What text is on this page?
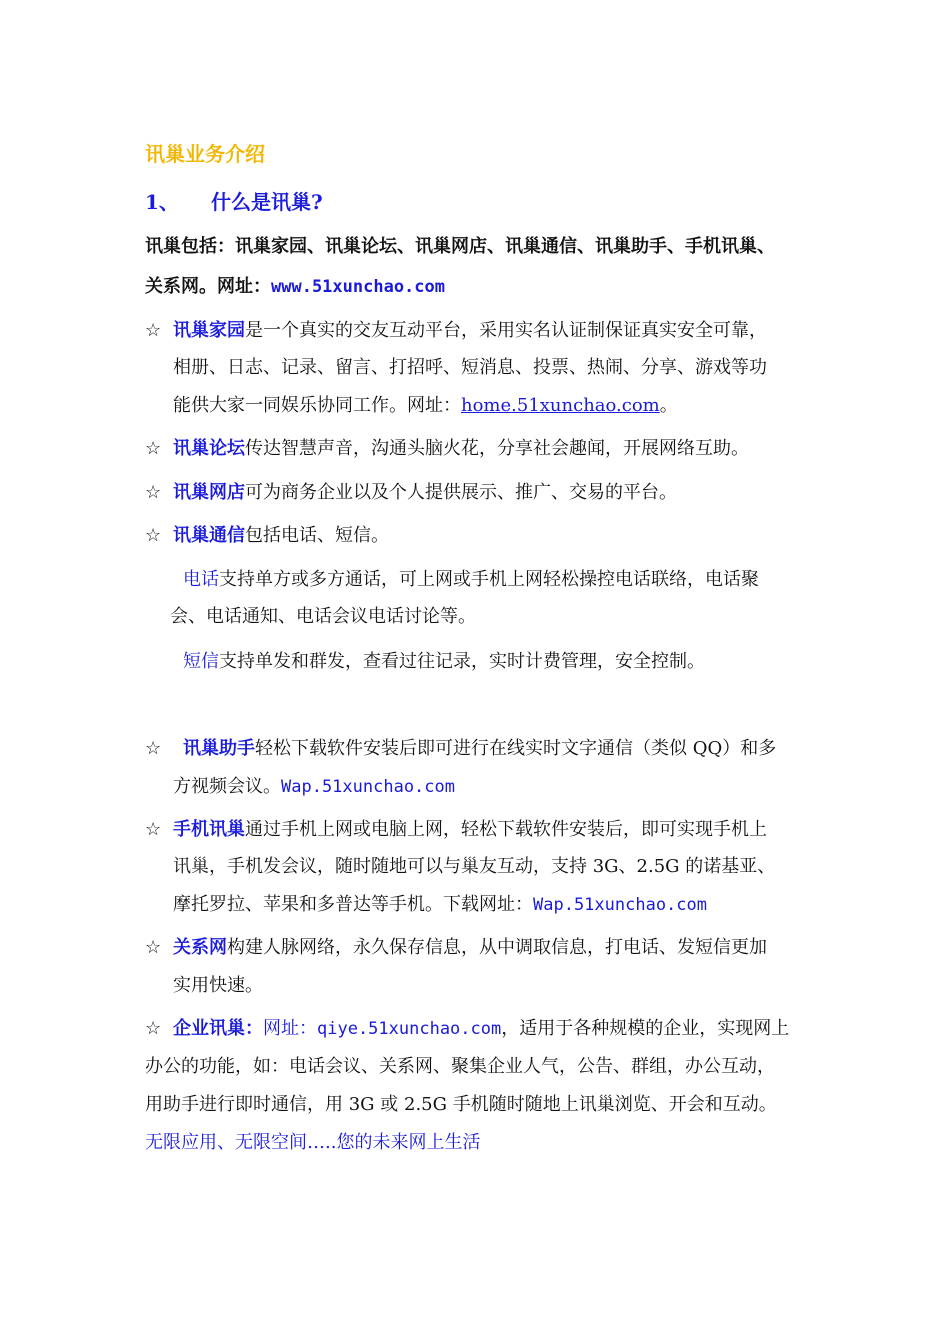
讯巢业务介绍
1、 什么是讯巢?
讯巢包括：讯巢家园、讯巢论坛、讯巢网店、讯巢通信、讯巢助手、手机讯巢、
关系网。网址：www.51xunchao.com
☆ 讯巢家园是一个真实的交友互动平台，采用实名认证制保证真实安全可靠，
相册、日志、记录、留言、打招呼、短消息、投票、热闹、分享、游戏等功
能供大家一同娱乐协同工作。网址：home.51xunchao.com。
☆ 讯巢论坛传达智慧声音，沟通头脑火花，分享社会趣闻，开展网络互助。
☆ 讯巢网店可为商务企业以及个人提供展示、推广、交易的平台。
☆ 讯巢通信包括电话、短信。
电话支持单方或多方通话，可上网或手机上网轻松操控电话联络，电话聚
会、电话通知、电话会议电话讨论等。
短信支持单发和群发，查看过往记录，实时计费管理，安全控制。
☆ 讯巢助手轻松下载软件安装后即可进行在线实时文字通信（类似 QQ）和多
方视频会议。Wap.51xunchao.com
☆ 手机讯巢通过手机上网或电脑上网，轻松下载软件安装后，即可实现手机上
讯巢，手机发会议，随时随地可以与巢友互动，支持 3G、2.5G 的诺基亚、
摩托罗拉、苹果和多普达等手机。下载网址：Wap.51xunchao.com
☆ 关系网构建人脉网络，永久保存信息，从中调取信息，打电话、发短信更加
实用快速。
☆ 企业讯巢：网址：qiye.51xunchao.com，适用于各种规模的企业，实现网上
办公的功能，如：电话会议、关系网、聚集企业人气，公告、群组，办公互动，
用助手进行即时通信，用 3G 或 2.5G 手机随时随地上讯巢浏览、开会和互动。
无限应用、无限空间…..您的未来网上生活
